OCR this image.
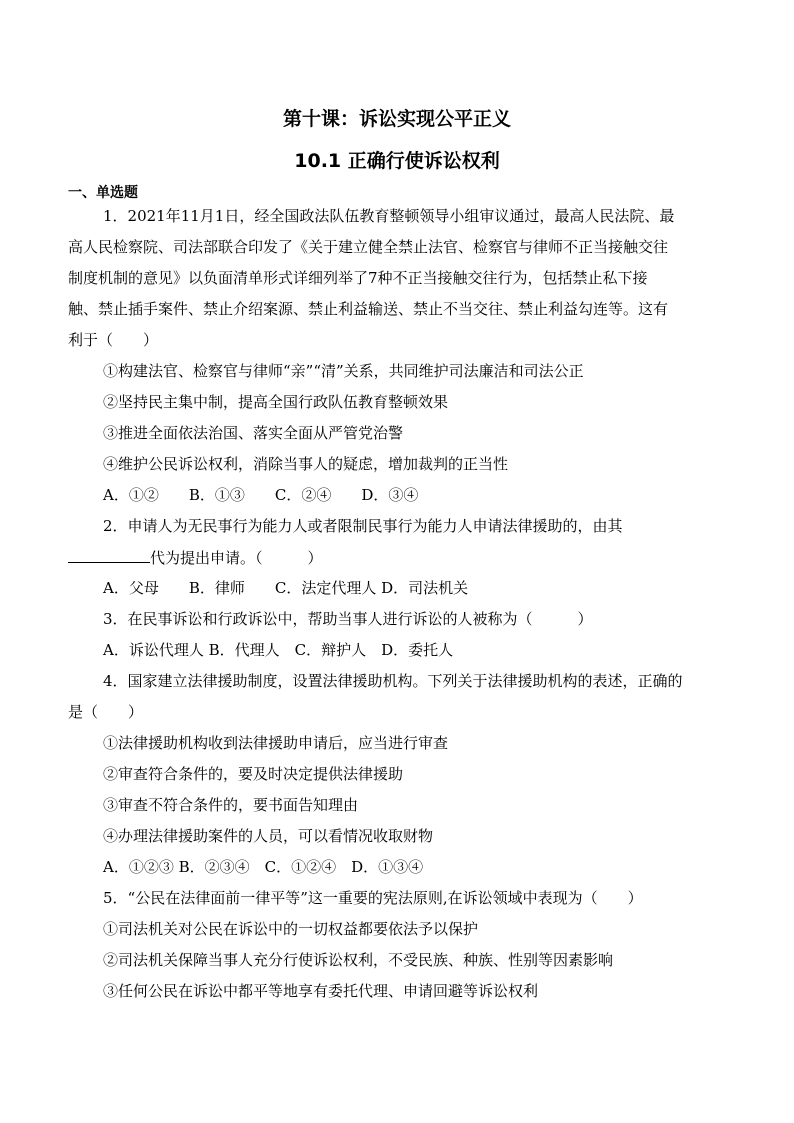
第十课：诉讼实现公平正义
10.1 正确行使诉讼权利
一、单选题
1．2021年11月1日，经全国政法队伍教育整顿领导小组审议通过，最高人民法院、最
高人民检察院、司法部联合印发了《关于建立健全禁止法官、检察官与律师不正当接触交往
制度机制的意见》以负面清单形式详细列举了7种不正当接触交往行为，包括禁止私下接
触、禁止插手案件、禁止介绍案源、禁止利益输送、禁止不当交往、禁止利益勾连等。这有
利于（　　）
①构建法官、检察官与律师“亲”“清”关系，共同维护司法廉洁和司法公正
②坚持民主集中制，提高全国行政队伍教育整顿效果
③推进全面依法治国、落实全面从严管党治警
④维护公民诉讼权利，消除当事人的疑虑，增加裁判的正当性
A．①②　　B．①③　　C．②④　　D．③④
2．申请人为无民事行为能力人或者限制民事行为能力人申请法律援助的，由其
代为提出申请。（　　　）
A．父母　　B．律师　　C．法定代理人 D．司法机关
3．在民事诉讼和行政诉讼中，帮助当事人进行诉讼的人被称为（　　　）
A．诉讼代理人 B．代理人　C．辩护人　D．委托人
4．国家建立法律援助制度，设置法律援助机构。下列关于法律援助机构的表述，正确的
是（　　）
①法律援助机构收到法律援助申请后，应当进行审查
②审查符合条件的，要及时决定提供法律援助
③审查不符合条件的，要书面告知理由
④办理法律援助案件的人员，可以看情况收取财物
A．①②③ B．②③④　C．①②④　D．①③④
5．“公民在法律面前一律平等”这一重要的宪法原则,在诉讼领域中表现为（　　）
①司法机关对公民在诉讼中的一切权益都要依法予以保护
②司法机关保障当事人充分行使诉讼权利，不受民族、种族、性别等因素影响
③任何公民在诉讼中都平等地享有委托代理、申请回避等诉讼权利
